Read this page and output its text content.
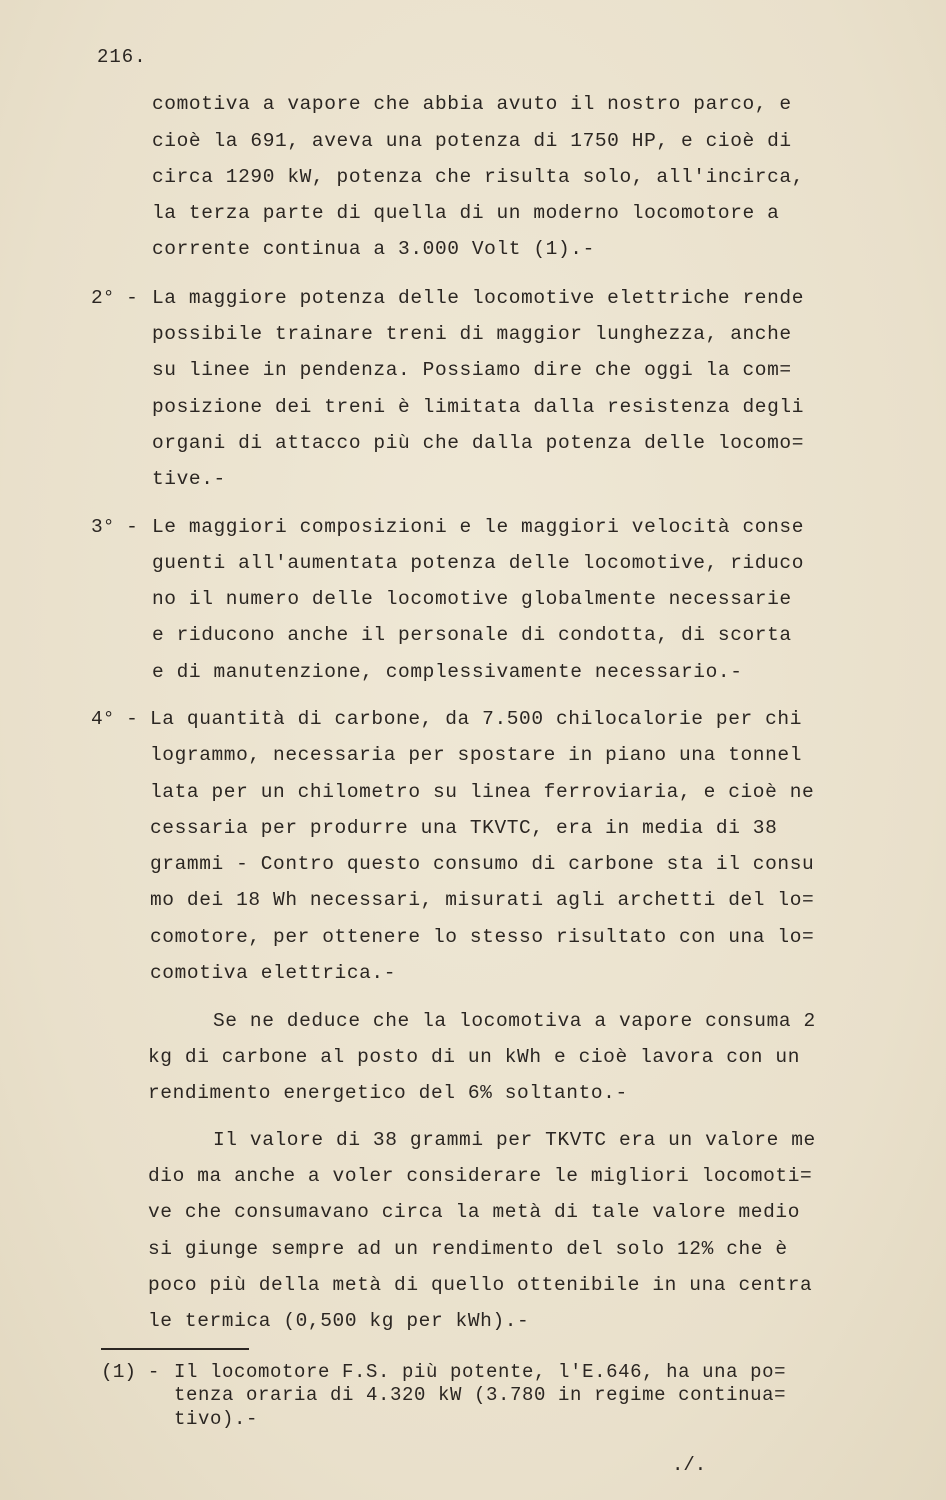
216.
comotiva a vapore che abbia avuto il nostro parco, e
cioè la 691, aveva una potenza di 1750 HP, e cioè di
circa 1290 kW, potenza che risulta solo, all'incirca,
la terza parte di quella di un moderno locomotore a
corrente continua a 3.000 Volt (1).-
2° - La maggiore potenza delle locomotive elettriche rende
possibile trainare treni di maggior lunghezza, anche
su linee in pendenza. Possiamo dire che oggi la com=
posizione dei treni è limitata dalla resistenza degli
organi di attacco più che dalla potenza delle locomo=
tive.-
3° - Le maggiori composizioni e le maggiori velocità conse
guenti all'aumentata potenza delle locomotive, riduco
no il numero delle locomotive globalmente necessarie
e riducono anche il personale di condotta, di scorta
e di manutenzione, complessivamente necessario.-
4° - La quantità di carbone, da 7.500 chilocalorie per chi
logrammo, necessaria per spostare in piano una tonnel
lata per un chilometro su linea ferroviaria, e cioè ne
cessaria per produrre una TKVTC, era in media di 38
grammi - Contro questo consumo di carbone sta il consu
mo dei 18 Wh necessari, misurati agli archetti del lo=
comotore, per ottenere lo stesso risultato con una lo=
comotiva elettrica.-
Se ne deduce che la locomotiva a vapore consuma 2
kg di carbone al posto di un kWh e cioè lavora con un
rendimento energetico del 6% soltanto.-
Il valore di 38 grammi per TKVTC era un valore me
dio ma anche a voler considerare le migliori locomoti=
ve che consumavano circa la metà di tale valore medio
si giunge sempre ad un rendimento del solo 12% che è
poco più della metà di quello ottenibile in una centra
le termica (0,500 kg per kWh).-
(1) - Il locomotore F.S. più potente, l'E.646, ha una po=
tenza oraria di 4.320 kW (3.780 in regime continua=
tivo).-
./.
